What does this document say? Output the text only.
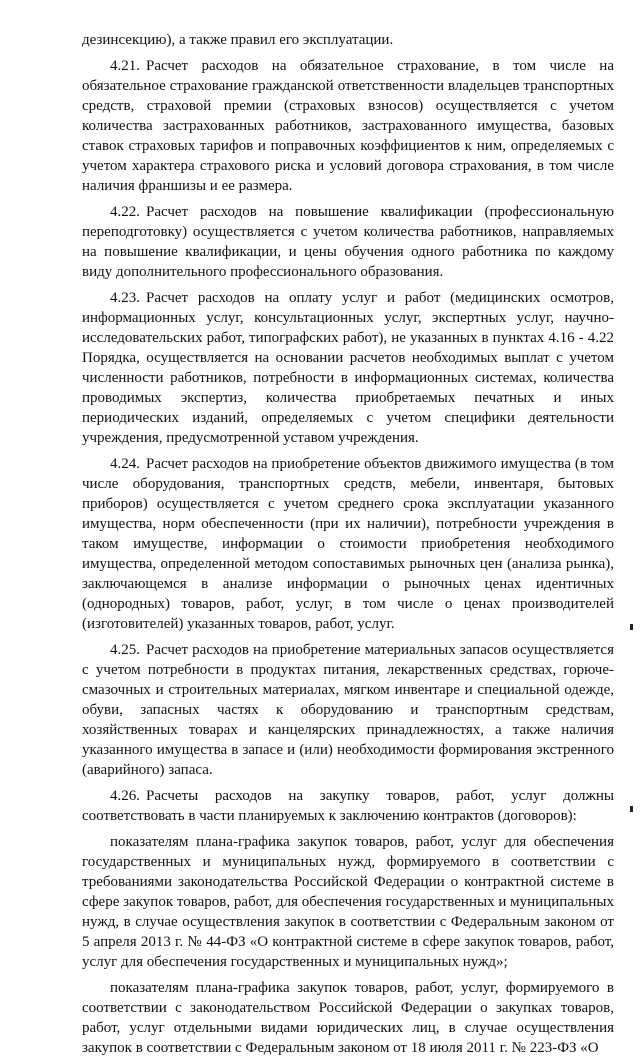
дезинсекцию), а также правил его эксплуатации.

4.21. Расчет расходов на обязательное страхование, в том числе на обязательное страхование гражданской ответственности владельцев транспортных средств, страховой премии (страховых взносов) осуществляется с учетом количества застрахованных работников, застрахованного имущества, базовых ставок страховых тарифов и поправочных коэффициентов к ним, определяемых с учетом характера страхового риска и условий договора страхования, в том числе наличия франшизы и ее размера.

4.22. Расчет расходов на повышение квалификации (профессиональную переподготовку) осуществляется с учетом количества работников, направляемых на повышение квалификации, и цены обучения одного работника по каждому виду дополнительного профессионального образования.

4.23. Расчет расходов на оплату услуг и работ (медицинских осмотров, информационных услуг, консультационных услуг, экспертных услуг, научно-исследовательских работ, типографских работ), не указанных в пунктах 4.16 - 4.22 Порядка, осуществляется на основании расчетов необходимых выплат с учетом численности работников, потребности в информационных системах, количества проводимых экспертиз, количества приобретаемых печатных и иных периодических изданий, определяемых с учетом специфики деятельности учреждения, предусмотренной уставом учреждения.

4.24. Расчет расходов на приобретение объектов движимого имущества (в том числе оборудования, транспортных средств, мебели, инвентаря, бытовых приборов) осуществляется с учетом среднего срока эксплуатации указанного имущества, норм обеспеченности (при их наличии), потребности учреждения в таком имуществе, информации о стоимости приобретения необходимого имущества, определенной методом сопоставимых рыночных цен (анализа рынка), заключающемся в анализе информации о рыночных ценах идентичных (однородных) товаров, работ, услуг, в том числе о ценах производителей (изготовителей) указанных товаров, работ, услуг.

4.25. Расчет расходов на приобретение материальных запасов осуществляется с учетом потребности в продуктах питания, лекарственных средствах, горюче-смазочных и строительных материалах, мягком инвентаре и специальной одежде, обуви, запасных частях к оборудованию и транспортным средствам, хозяйственных товарах и канцелярских принадлежностях, а также наличия указанного имущества в запасе и (или) необходимости формирования экстренного (аварийного) запаса.

4.26. Расчеты расходов на закупку товаров, работ, услуг должны соответствовать в части планируемых к заключению контрактов (договоров):

показателям плана-графика закупок товаров, работ, услуг для обеспечения государственных и муниципальных нужд, формируемого в соответствии с требованиями законодательства Российской Федерации о контрактной системе в сфере закупок товаров, работ, для обеспечения государственных и муниципальных нужд, в случае осуществления закупок в соответствии с Федеральным законом от 5 апреля 2013 г. № 44-ФЗ «О контрактной системе в сфере закупок товаров, работ, услуг для обеспечения государственных и муниципальных нужд»;

показателям плана-графика закупок товаров, работ, услуг, формируемого в соответствии с законодательством Российской Федерации о закупках товаров, работ, услуг отдельными видами юридических лиц, в случае осуществления закупок в соответствии с Федеральным законом от 18 июля 2011 г. № 223-ФЗ «О
